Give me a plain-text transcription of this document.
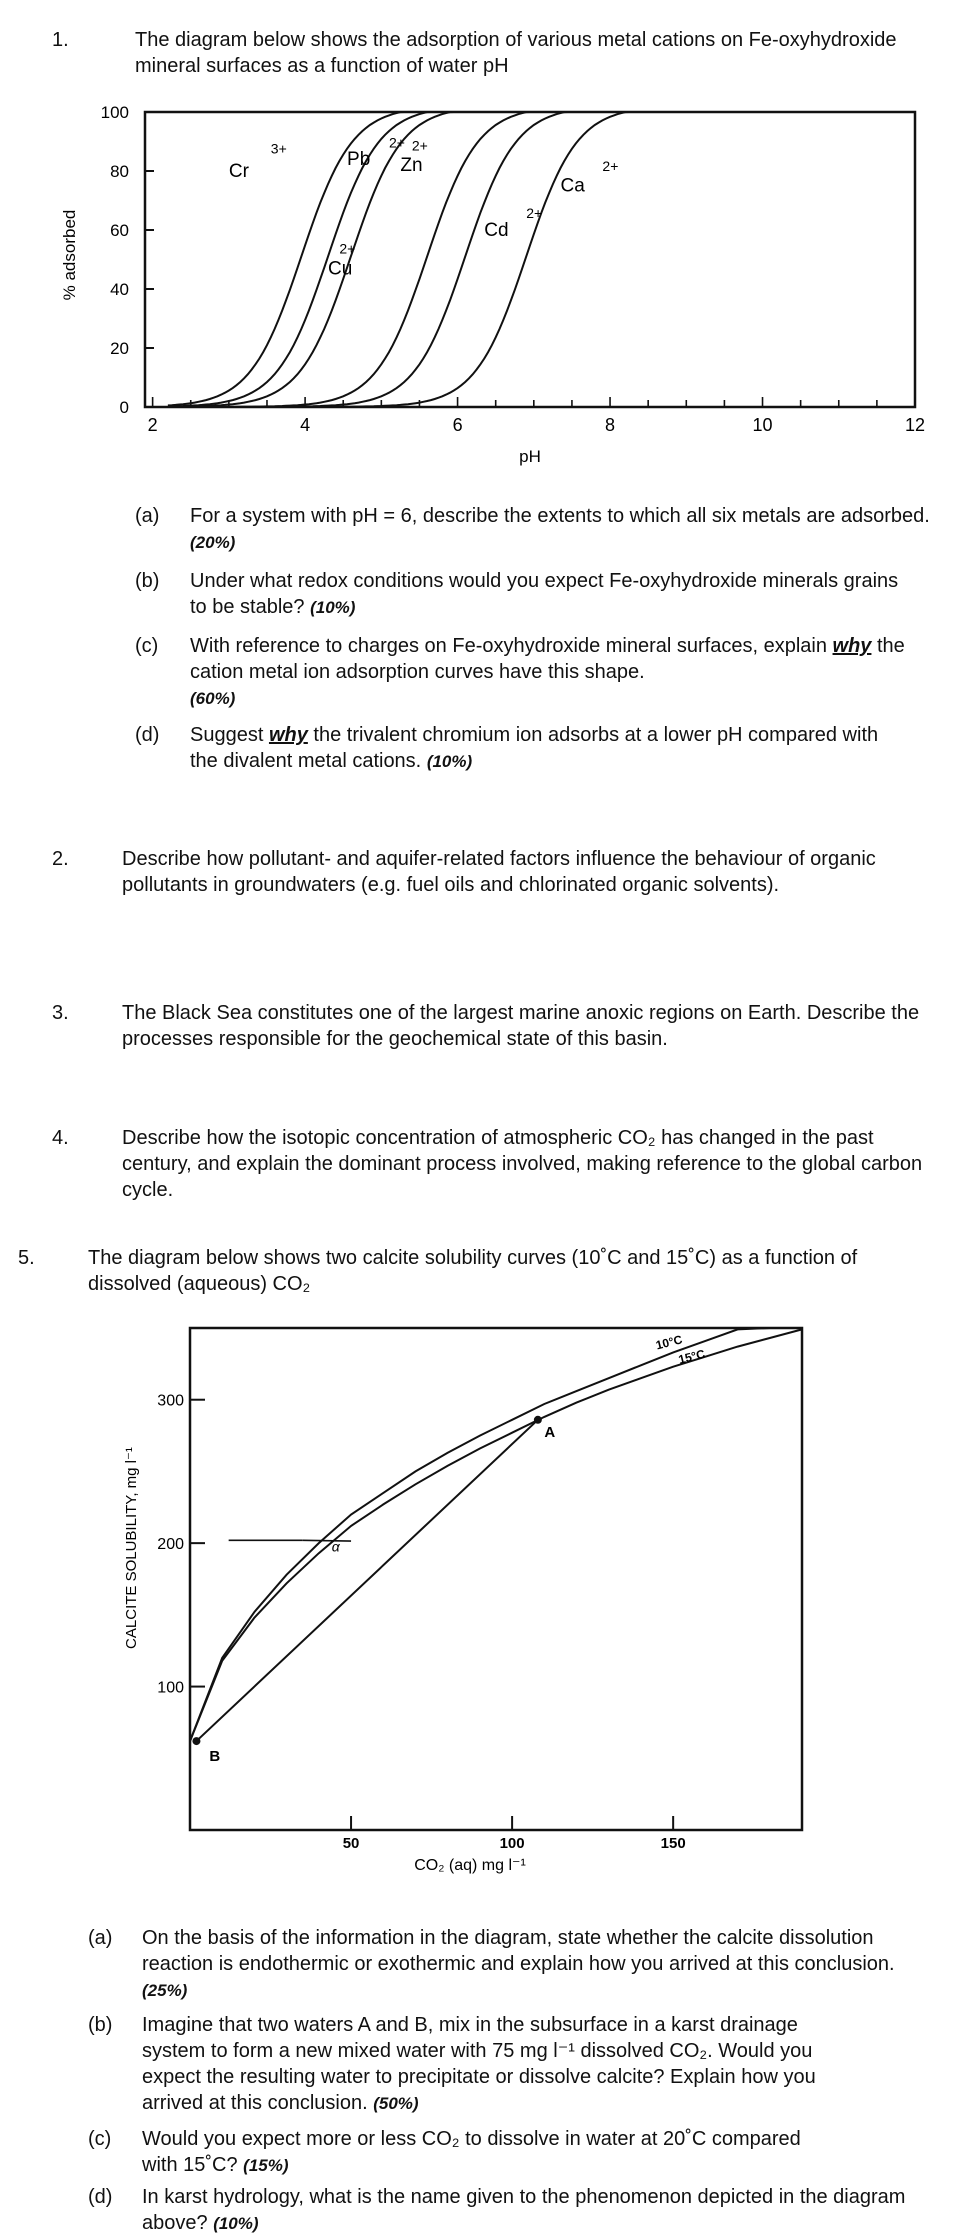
1.	The diagram below shows the adsorption of various metal cations on Fe-oxyhydroxide mineral surfaces as a function of water pH
0
20
40
60
80
100
2	4	6	8	10	12
Cr
3+
Pb
2+
Cu
2+
Zn
2+
Cd
2+
Ca
2+
pH
% adsorbed
(a) For a system with pH = 6, describe the extents to which all six metals are adsorbed. (20%)
(b) Under what redox conditions would you expect Fe-oxyhydroxide minerals grains to be stable? (10%)
(c) With reference to charges on Fe-oxyhydroxide mineral surfaces, explain why the cation metal ion adsorption curves have this shape.
(60%)
(d) Suggest why the trivalent chromium ion adsorbs at a lower pH compared with the divalent metal cations. (10%)
2.	Describe how pollutant- and aquifer-related factors influence the behaviour of organic pollutants in groundwaters (e.g. fuel oils and chlorinated organic solvents).
3.	The Black Sea constitutes one of the largest marine anoxic regions on Earth. Describe the processes responsible for the geochemical state of this basin.
4.	Describe how the isotopic concentration of atmospheric CO₂ has changed in the past century, and explain the dominant process involved, making reference to the global carbon cycle.
5.	The diagram below shows two calcite solubility curves (10˚C and 15˚C) as a function of dissolved (aqueous) CO₂
100
200
300
50	100	150
10°C
15°C
A
B
α
CO₂ (aq) mg l⁻¹
CALCITE SOLUBILITY, mg l⁻¹
(a) On the basis of the information in the diagram, state whether the calcite dissolution reaction is endothermic or exothermic and explain how you arrived at this conclusion. (25%)
(b) Imagine that two waters A and B, mix in the subsurface in a karst drainage system to form a new mixed water with 75 mg l⁻¹ dissolved CO₂. Would you expect the resulting water to precipitate or dissolve calcite? Explain how you arrived at this conclusion. (50%)
(c) Would you expect more or less CO₂ to dissolve in water at 20˚C compared with 15˚C? (15%)
(d) In karst hydrology, what is the name given to the phenomenon depicted in the diagram above? (10%)
